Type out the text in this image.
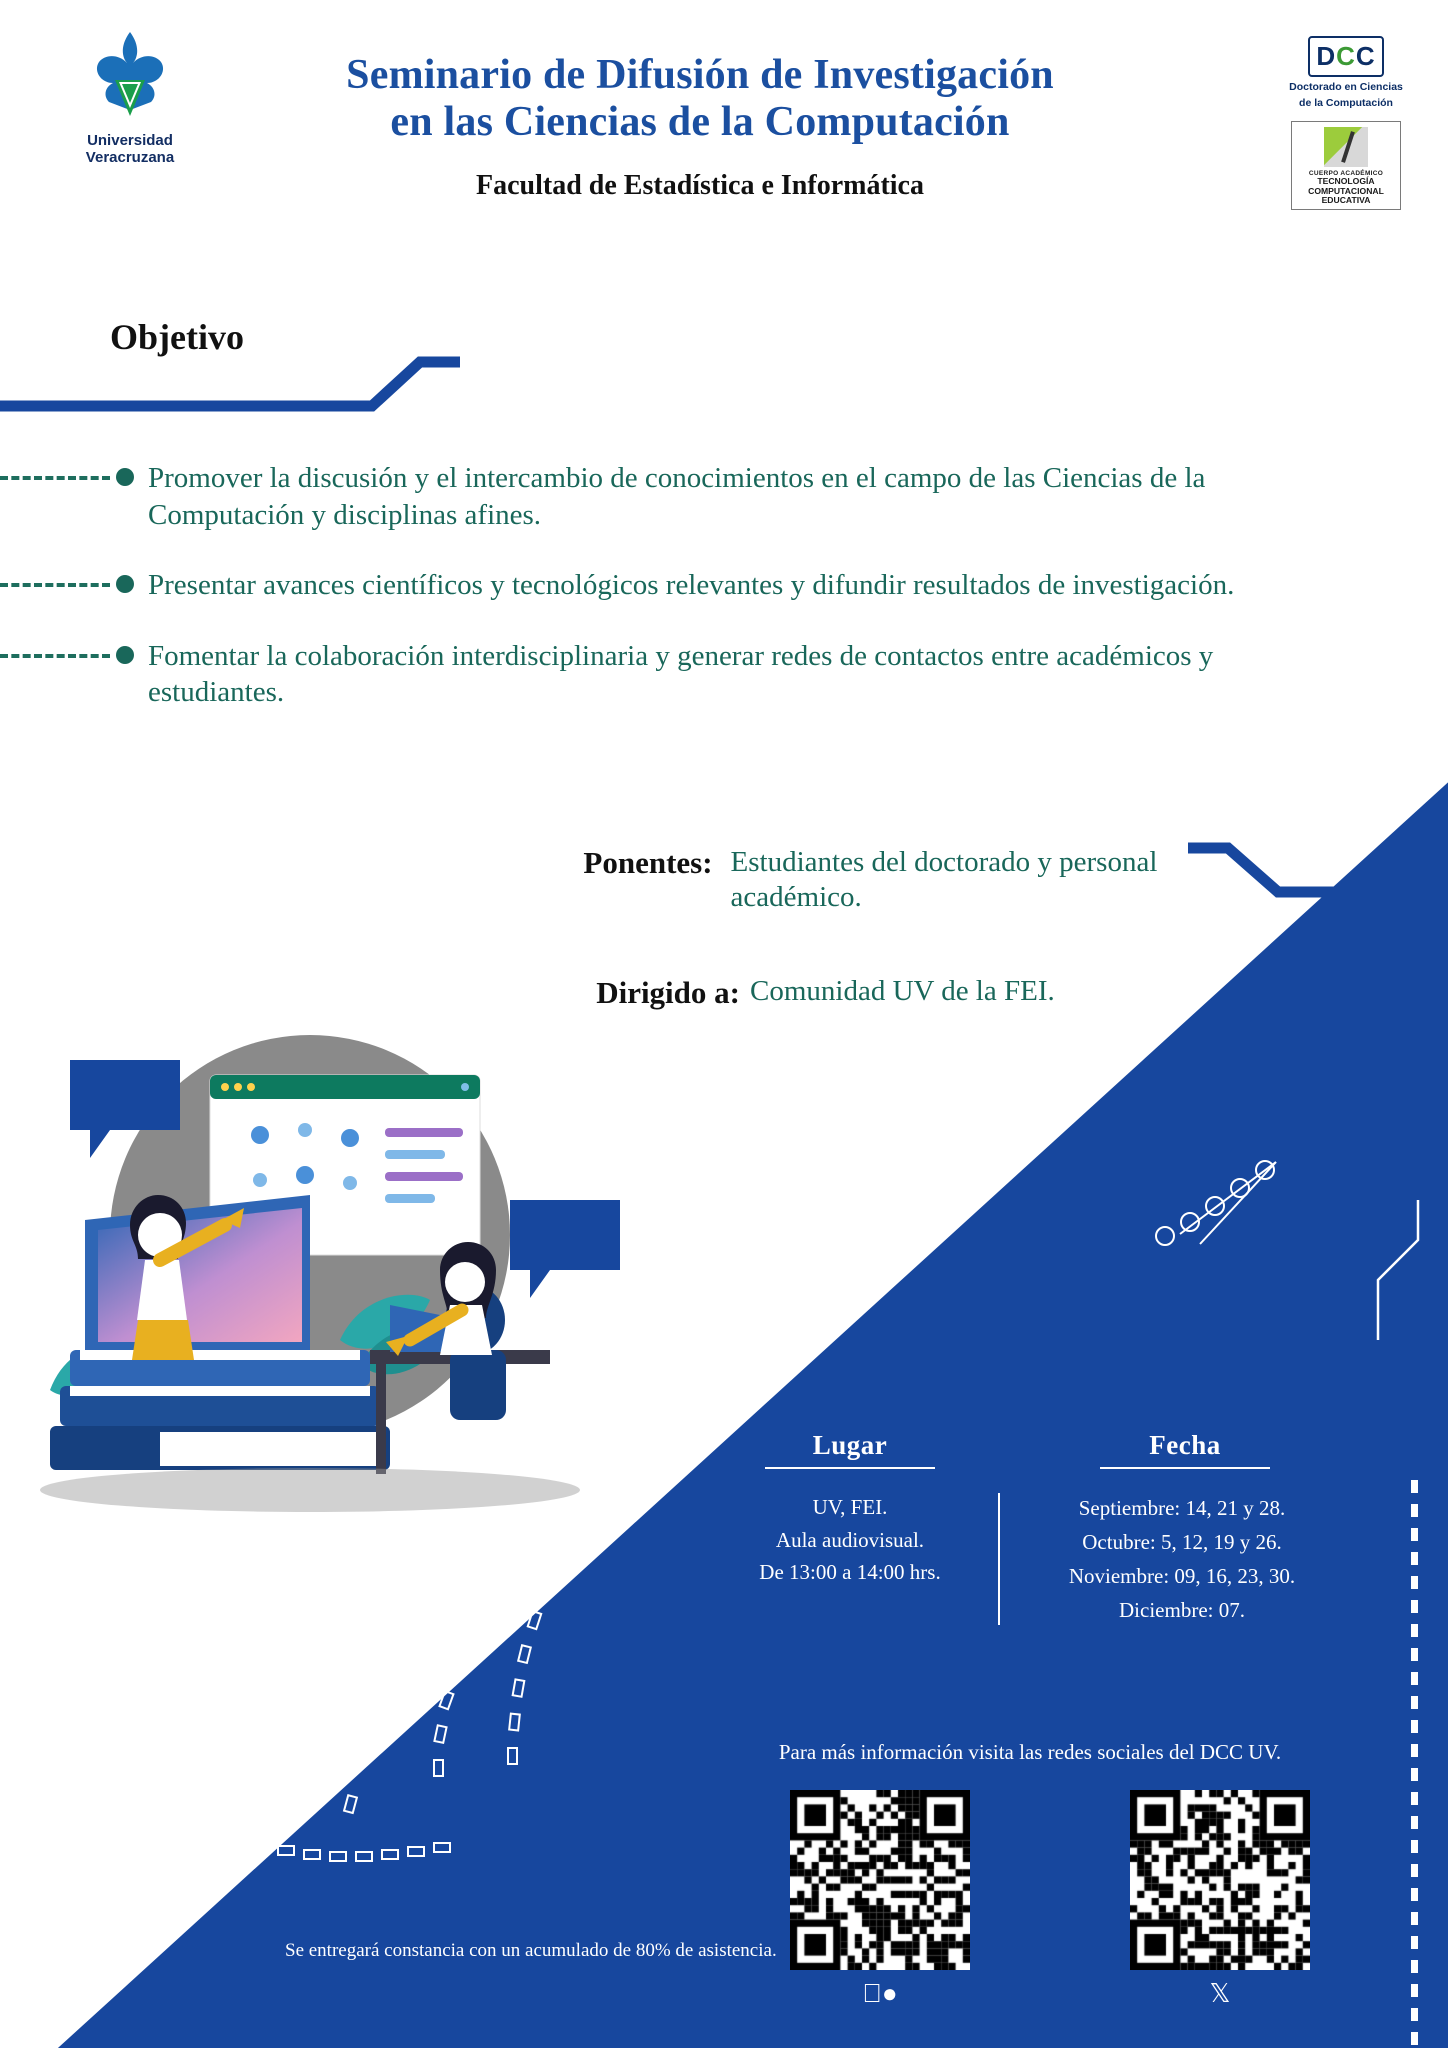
Universidad Veracruzana
Seminario de Difusión de Investigación
en las Ciencias de la Computación
Facultad de Estadística e Informática
DCC
Doctorado en Ciencias
de la Computación
CUERPO ACADÉMICO
TECNOLOGÍA
COMPUTACIONAL
EDUCATIVA
Objetivo
Promover la discusión y el intercambio de conocimientos en el campo de las Ciencias de la Computación y disciplinas afines.
Presentar avances científicos y tecnológicos relevantes y difundir resultados de investigación.
Fomentar la colaboración interdisciplinaria y generar redes de contactos entre académicos y estudiantes.
Ponentes: Estudiantes del doctorado y personal académico.
Dirigido a: Comunidad UV de la FEI.
Lugar	Fecha
UV, FEI.
Aula audiovisual.
De 13:00 a 14:00 hrs.
Septiembre: 14, 21 y 28.
Octubre: 5, 12, 19 y 26.
Noviembre: 09, 16, 23, 30.
Diciembre: 07.
Para más información visita las redes sociales del DCC UV.
●	𝕏
Se entregará constancia con un acumulado de 80% de asistencia.
